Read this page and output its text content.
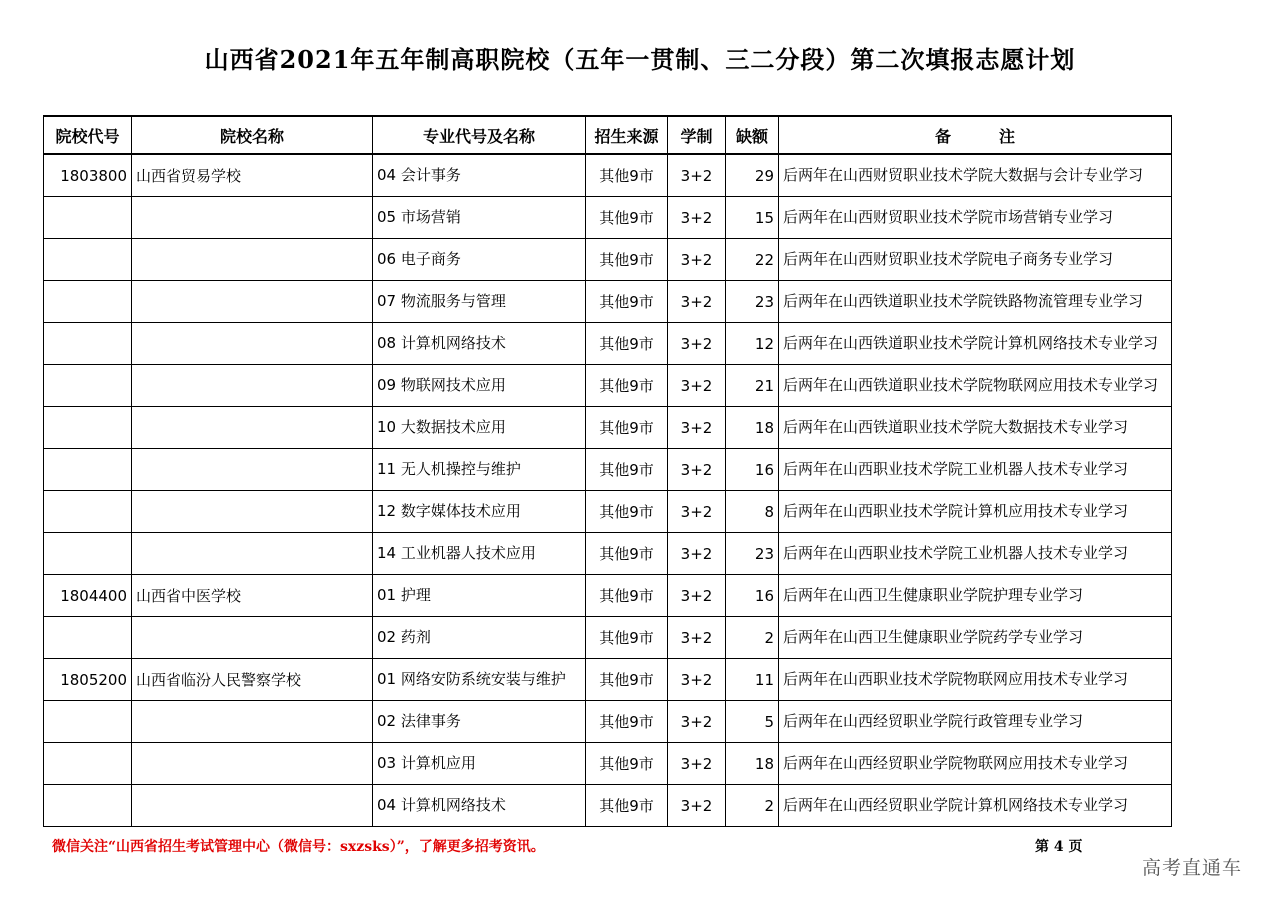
山西省2021年五年制高职院校（五年一贯制、三二分段）第二次填报志愿计划
院校代号	院校名称	专业代号及名称	招生来源	学制	缺额	备　　　注
1803800	山西省贸易学校	04 会计事务	其他9市	3+2	29	后两年在山西财贸职业技术学院大数据与会计专业学习
		05 市场营销	其他9市	3+2	15	后两年在山西财贸职业技术学院市场营销专业学习
		06 电子商务	其他9市	3+2	22	后两年在山西财贸职业技术学院电子商务专业学习
		07 物流服务与管理	其他9市	3+2	23	后两年在山西铁道职业技术学院铁路物流管理专业学习
		08 计算机网络技术	其他9市	3+2	12	后两年在山西铁道职业技术学院计算机网络技术专业学习
		09 物联网技术应用	其他9市	3+2	21	后两年在山西铁道职业技术学院物联网应用技术专业学习
		10 大数据技术应用	其他9市	3+2	18	后两年在山西铁道职业技术学院大数据技术专业学习
		11 无人机操控与维护	其他9市	3+2	16	后两年在山西职业技术学院工业机器人技术专业学习
		12 数字媒体技术应用	其他9市	3+2	8	后两年在山西职业技术学院计算机应用技术专业学习
		14 工业机器人技术应用	其他9市	3+2	23	后两年在山西职业技术学院工业机器人技术专业学习
1804400	山西省中医学校	01 护理	其他9市	3+2	16	后两年在山西卫生健康职业学院护理专业学习
		02 药剂	其他9市	3+2	2	后两年在山西卫生健康职业学院药学专业学习
1805200	山西省临汾人民警察学校	01 网络安防系统安装与维护	其他9市	3+2	11	后两年在山西职业技术学院物联网应用技术专业学习
		02 法律事务	其他9市	3+2	5	后两年在山西经贸职业学院行政管理专业学习
		03 计算机应用	其他9市	3+2	18	后两年在山西经贸职业学院物联网应用技术专业学习
		04 计算机网络技术	其他9市	3+2	2	后两年在山西经贸职业学院计算机网络技术专业学习
微信关注“山西省招生考试管理中心（微信号：sxzsks）”，了解更多招考资讯。	第 4 页
高考直通车
